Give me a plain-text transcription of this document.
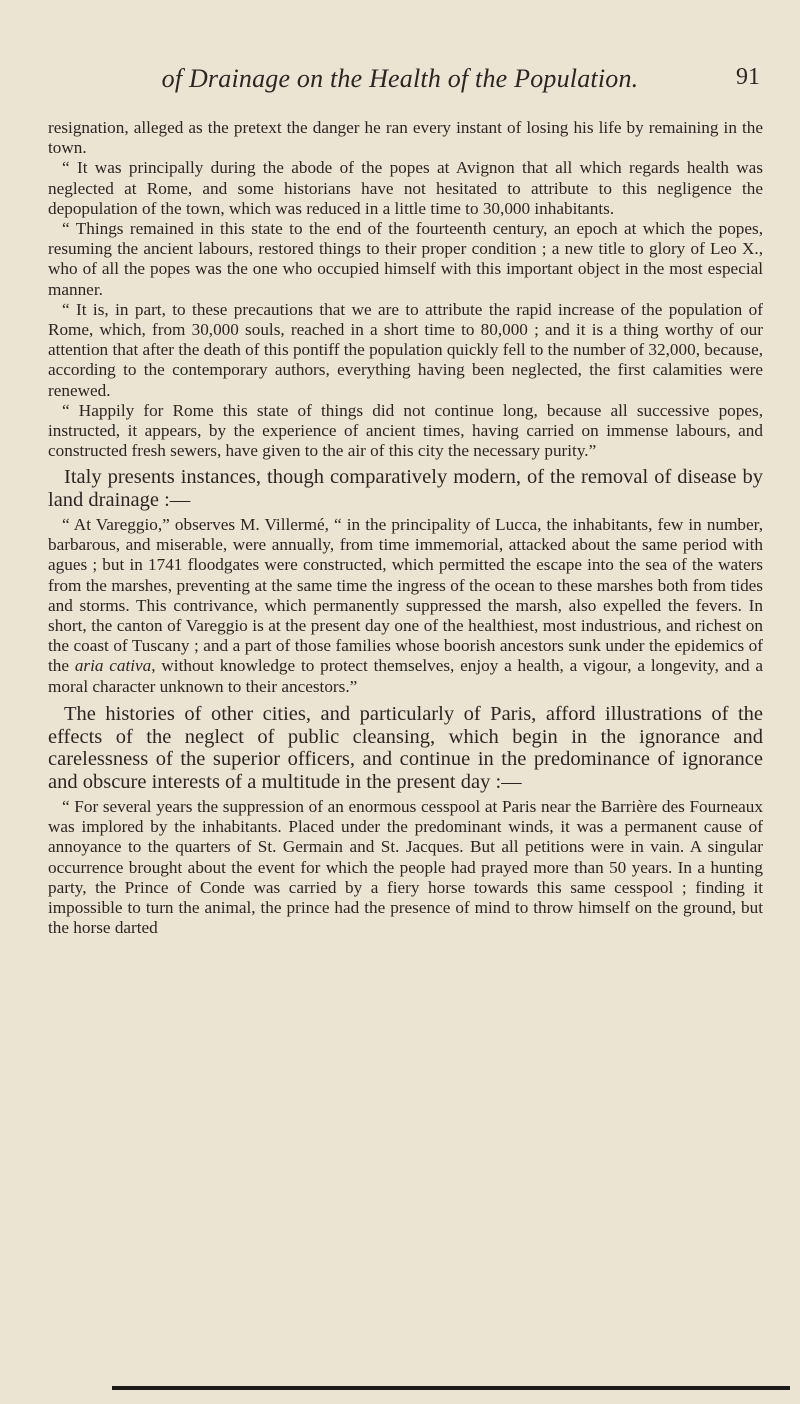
of Drainage on the Health of the Population.	91

resignation, alleged as the pretext the danger he ran every instant of losing his life by remaining in the town.

“ It was principally during the abode of the popes at Avignon that all which regards health was neglected at Rome, and some historians have not hesitated to attribute to this negligence the depopulation of the town, which was reduced in a little time to 30,000 inhabitants.

“ Things remained in this state to the end of the fourteenth century, an epoch at which the popes, resuming the ancient labours, restored things to their proper condition ; a new title to glory of Leo X., who of all the popes was the one who occupied himself with this important object in the most especial manner.

“ It is, in part, to these precautions that we are to attribute the rapid increase of the population of Rome, which, from 30,000 souls, reached in a short time to 80,000 ; and it is a thing worthy of our attention that after the death of this pontiff the population quickly fell to the number of 32,000, because, according to the contemporary authors, everything having been neglected, the first calamities were renewed.

“ Happily for Rome this state of things did not continue long, because all successive popes, instructed, it appears, by the experience of ancient times, having carried on immense labours, and constructed fresh sewers, have given to the air of this city the necessary purity.”

Italy presents instances, though comparatively modern, of the removal of disease by land drainage :—

“ At Vareggio,” observes M. Villermé, “ in the principality of Lucca, the inhabitants, few in number, barbarous, and miserable, were annually, from time immemorial, attacked about the same period with agues ; but in 1741 floodgates were constructed, which permitted the escape into the sea of the waters from the marshes, preventing at the same time the ingress of the ocean to these marshes both from tides and storms. This contrivance, which permanently suppressed the marsh, also expelled the fevers. In short, the canton of Vareggio is at the present day one of the healthiest, most industrious, and richest on the coast of Tuscany ; and a part of those families whose boorish ancestors sunk under the epidemics of the aria cativa, without knowledge to protect themselves, enjoy a health, a vigour, a longevity, and a moral character unknown to their ancestors.”

The histories of other cities, and particularly of Paris, afford illustrations of the effects of the neglect of public cleansing, which begin in the ignorance and carelessness of the superior officers, and continue in the predominance of ignorance and obscure interests of a multitude in the present day :—

“ For several years the suppression of an enormous cesspool at Paris near the Barrière des Fourneaux was implored by the inhabitants. Placed under the predominant winds, it was a permanent cause of annoyance to the quarters of St. Germain and St. Jacques. But all petitions were in vain. A singular occurrence brought about the event for which the people had prayed more than 50 years. In a hunting party, the Prince of Conde was carried by a fiery horse towards this same cesspool ; finding it impossible to turn the animal, the prince had the presence of mind to throw himself on the ground, but the horse darted
